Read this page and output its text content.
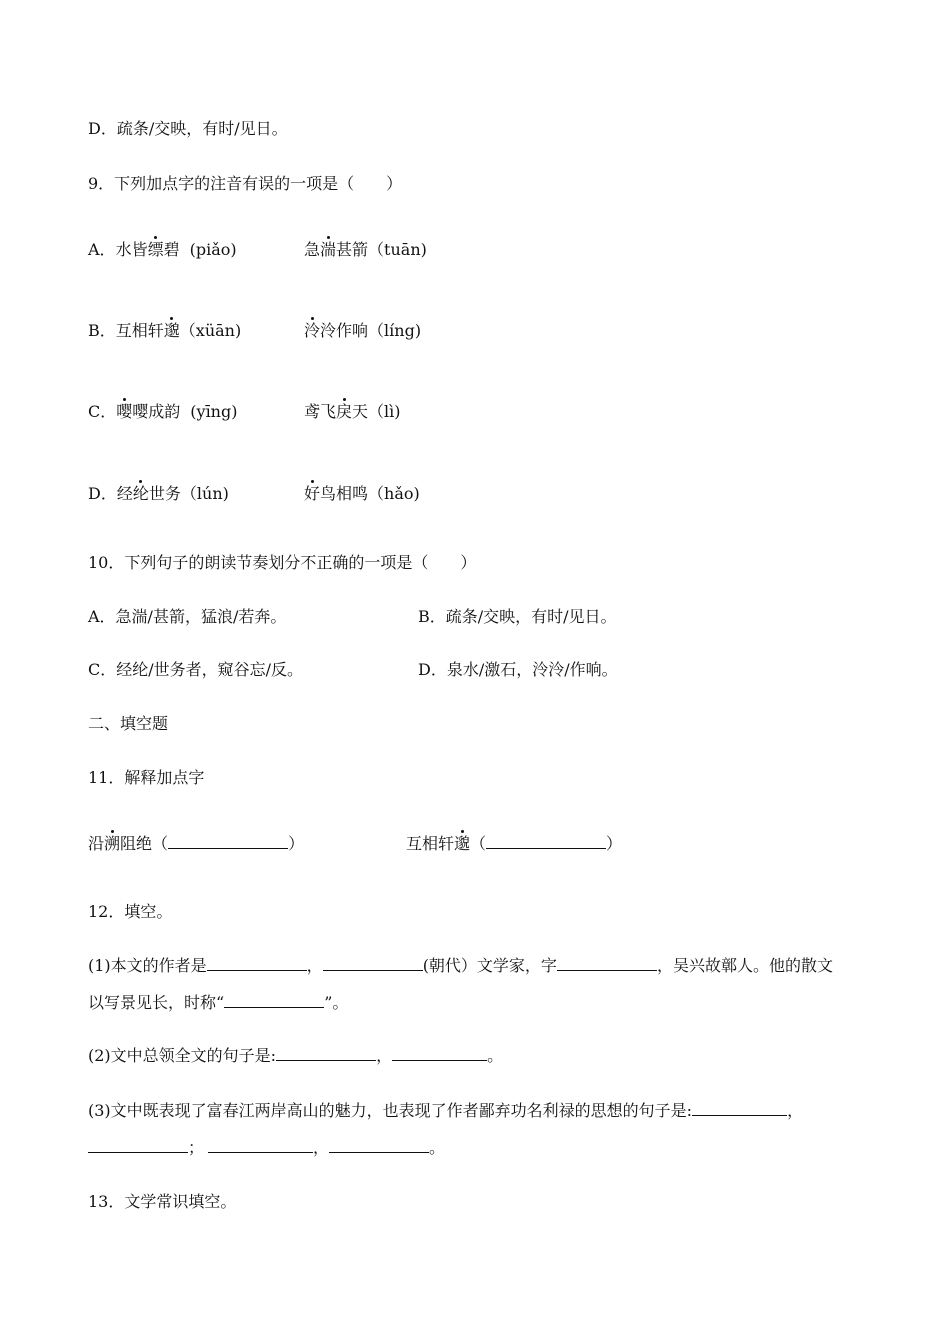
D．疏条/交映，有时/见日。
9．下列加点字的注音有误的一项是（　　）
A．水皆缥碧 (piǎo)	急湍甚箭（tuān)
B．互相轩邈（xüān)	泠泠作响（líng)
C．嘤嘤成韵 (yīng)	鸢飞戾天（lì)
D．经纶世务（lún)	好鸟相鸣（hǎo)
10．下列句子的朗读节奏划分不正确的一项是（　　）
A．急湍/甚箭，猛浪/若奔。	B．疏条/交映，有时/见日。
C．经纶/世务者，窥谷忘/反。	D．泉水/激石，泠泠/作响。
二、填空题
11．解释加点字
沿溯阻绝（	）	互相轩邈（	）
12．填空。
(1)本文的作者是	，	(朝代）文学家，字	，吴兴故鄣人。他的散文
以写景见长，时称“	”。
(2)文中总领全文的句子是:	，	。
(3)文中既表现了富春江两岸高山的魅力，也表现了作者鄙弃功名利禄的思想的句子是:	，
；	，	。
13．文学常识填空。
